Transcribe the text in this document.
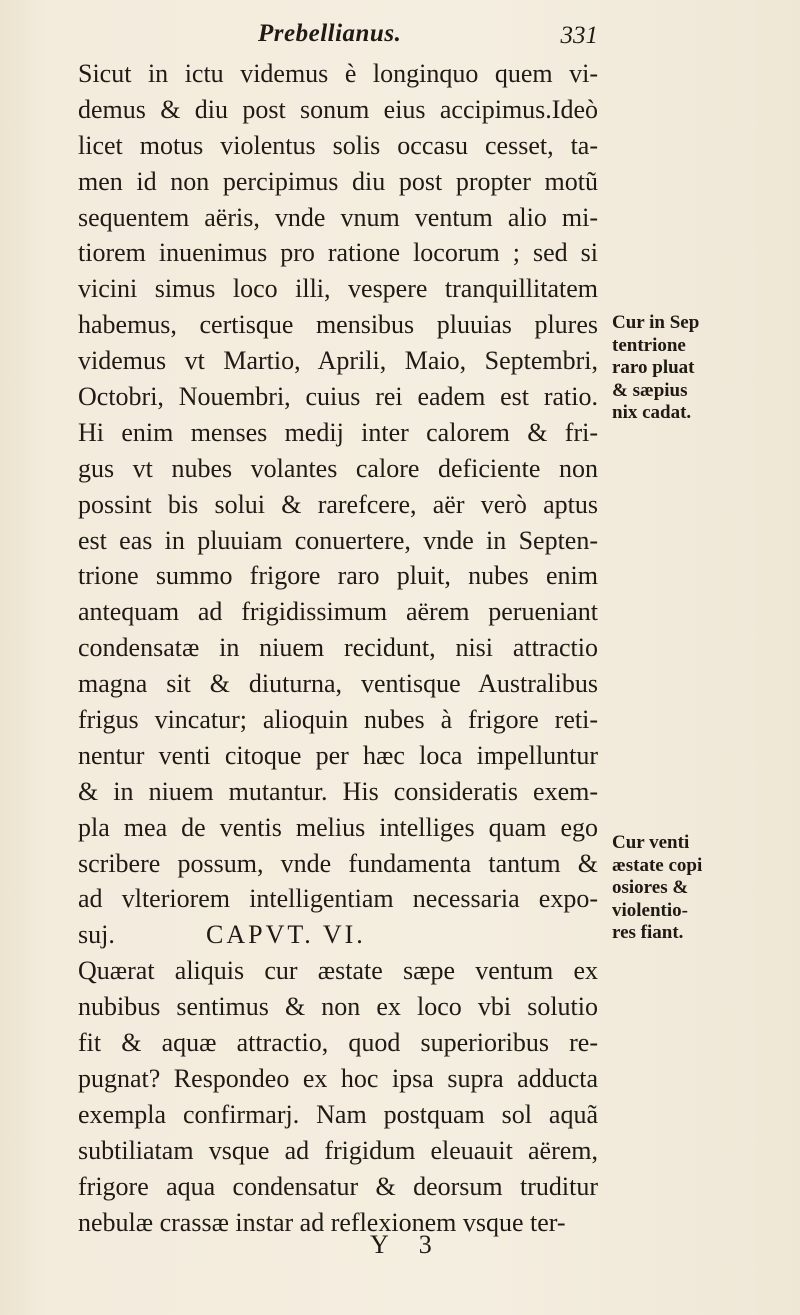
Prebellianus.	331
Sicut in ictu videmus è longinquo quem vi-
demus & diu post sonum eius accipimus.Ideò
licet motus violentus solis occasu cesset, ta-
men id non percipimus diu post propter motũ
sequentem aëris, vnde vnum ventum alio mi-
tiorem inuenimus pro ratione locorum ; sed si
vicini simus loco illi, vespere tranquillitatem
habemus, certisque mensibus pluuias plures
videmus vt Martio, Aprili, Maio, Septembri,
Octobri, Nouembri, cuius rei eadem est ratio.
Hi enim menses medij inter calorem & fri-
gus vt nubes volantes calore deficiente non
possint bis solui & rarefcere, aër verò aptus
est eas in pluuiam conuertere, vnde in Septen-
trione summo frigore raro pluit, nubes enim
antequam ad frigidissimum aërem perueniant
condensatæ in niuem recidunt, nisi attractio
magna sit & diuturna, ventisque Australibus
frigus vincatur; alioquin nubes à frigore reti-
nentur venti citoque per hæc loca impelluntur
& in niuem mutantur. His consideratis exem-
pla mea de ventis melius intelliges quam ego
scribere possum, vnde fundamenta tantum &
ad vlteriorem intelligentiam necessaria expo-
suj.	CAPVT. VI.
Quærat aliquis cur æstate sæpe ventum ex
nubibus sentimus & non ex loco vbi solutio
fit & aquæ attractio, quod superioribus re-
pugnat? Respondeo ex hoc ipsa supra adducta
exempla confirmarj. Nam postquam sol aquã
subtiliatam vsque ad frigidum eleuauit aërem,
frigore aqua condensatur & deorsum truditur
nebulæ crassæ instar ad reflexionem vsque ter-
Cur in Sep
tentrione
raro pluat
& sæpius
nix cadat.
Cur venti
æstate copi
osiores &
violentio-
res fiant.
Y 3
